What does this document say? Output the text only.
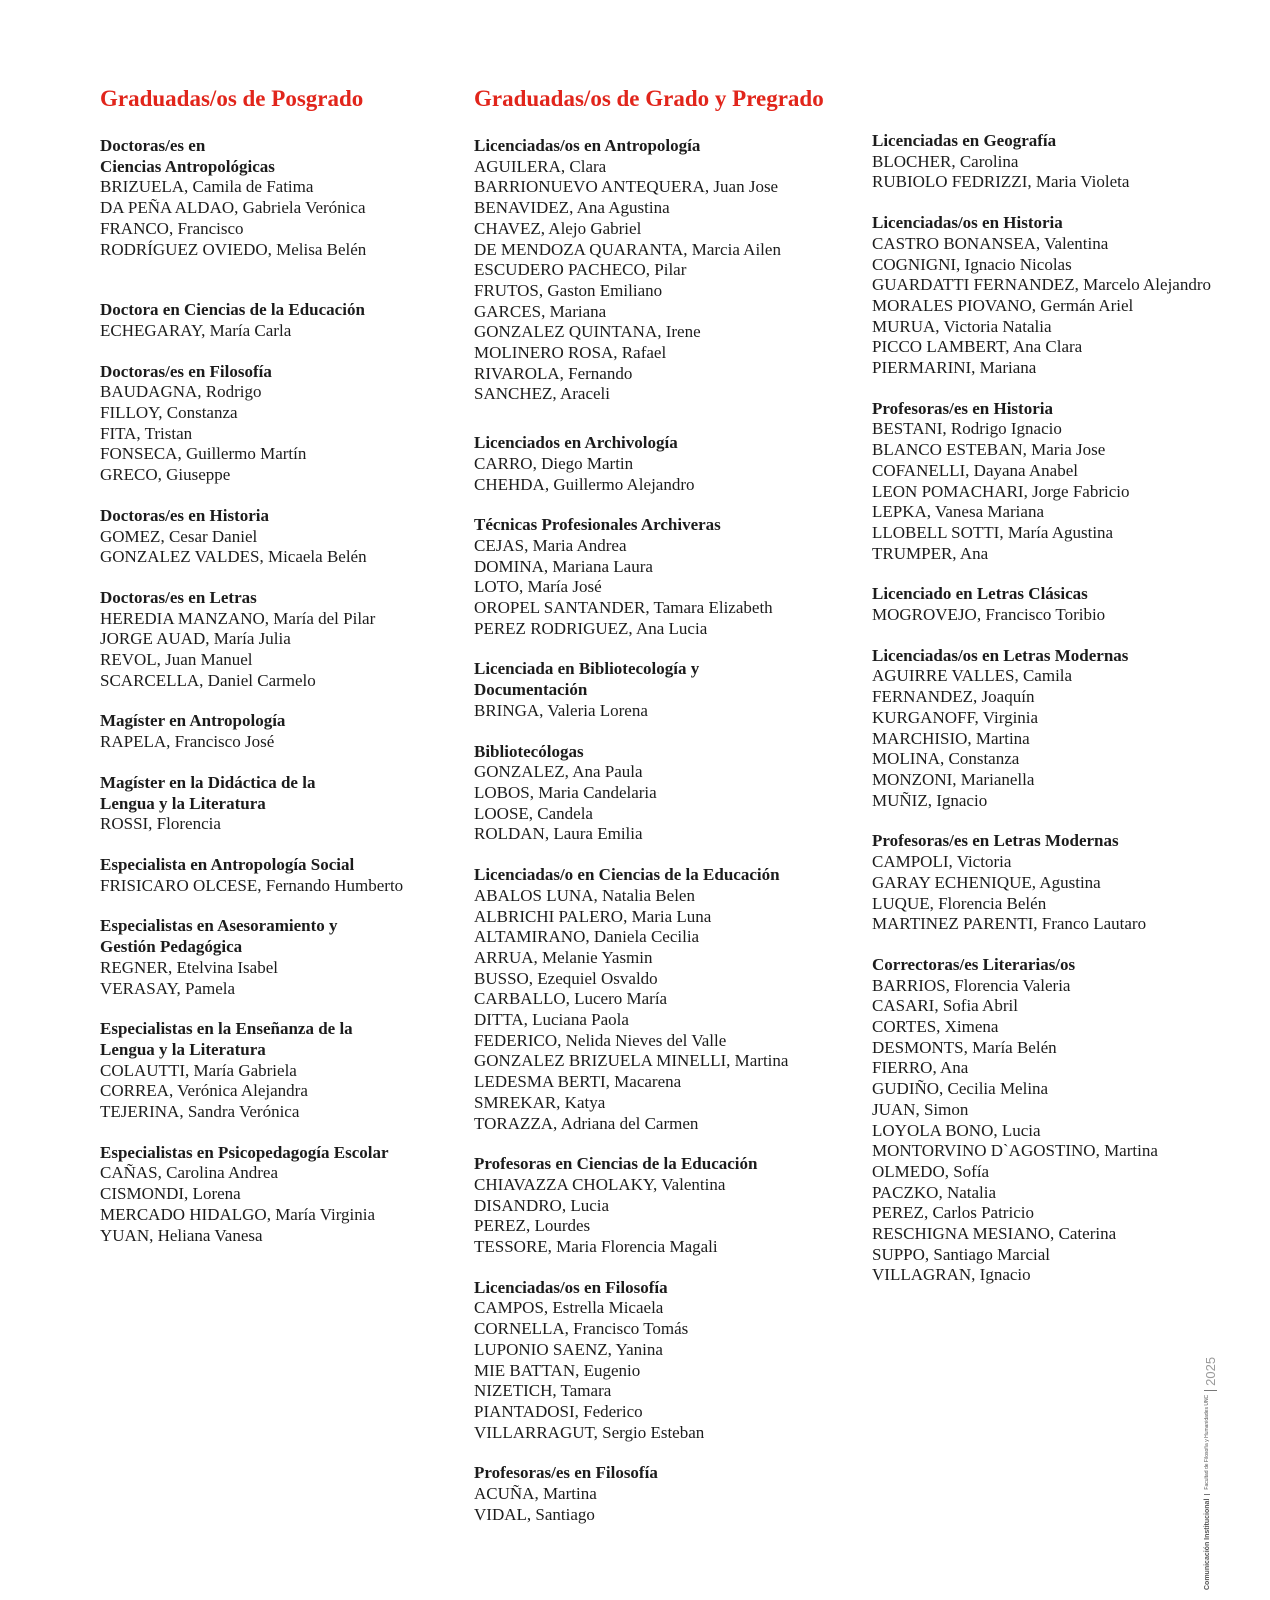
Graduadas/os de Posgrado
Doctoras/es en
Ciencias Antropológicas
BRIZUELA, Camila de Fatima
DA PEÑA ALDAO, Gabriela Verónica
FRANCO, Francisco
RODRÍGUEZ OVIEDO, Melisa Belén
Doctora en Ciencias de la Educación
ECHEGARAY, María Carla
Doctoras/es en Filosofía
BAUDAGNA, Rodrigo
FILLOY, Constanza
FITA, Tristan
FONSECA, Guillermo Martín
GRECO, Giuseppe
Doctoras/es en Historia
GOMEZ, Cesar Daniel
GONZALEZ VALDES, Micaela Belén
Doctoras/es en Letras
HEREDIA MANZANO, María del Pilar
JORGE AUAD, María Julia
REVOL, Juan Manuel
SCARCELLA, Daniel Carmelo
Magíster en Antropología
RAPELA, Francisco José
Magíster en la Didáctica de la
Lengua y la Literatura
ROSSI, Florencia
Especialista en Antropología Social
FRISICARO OLCESE, Fernando Humberto
Especialistas en Asesoramiento y
Gestión Pedagógica
REGNER, Etelvina Isabel
VERASAY, Pamela
Especialistas en la Enseñanza de la
Lengua y la Literatura
COLAUTTI, María Gabriela
CORREA, Verónica Alejandra
TEJERINA, Sandra Verónica
Especialistas en Psicopedagogía Escolar
CAÑAS, Carolina Andrea
CISMONDI, Lorena
MERCADO HIDALGO, María Virginia
YUAN, Heliana Vanesa
Graduadas/os de Grado y Pregrado
Licenciadas/os en Antropología
AGUILERA, Clara
BARRIONUEVO ANTEQUERA, Juan Jose
BENAVIDEZ, Ana Agustina
CHAVEZ, Alejo Gabriel
DE MENDOZA QUARANTA, Marcia Ailen
ESCUDERO PACHECO, Pilar
FRUTOS, Gaston Emiliano
GARCES, Mariana
GONZALEZ QUINTANA, Irene
MOLINERO ROSA, Rafael
RIVAROLA, Fernando
SANCHEZ, Araceli
Licenciados en Archivología
CARRO, Diego Martin
CHEHDA, Guillermo Alejandro
Técnicas Profesionales Archiveras
CEJAS, Maria Andrea
DOMINA, Mariana Laura
LOTO, María José
OROPEL SANTANDER, Tamara Elizabeth
PEREZ RODRIGUEZ, Ana Lucia
Licenciada en Bibliotecología y
Documentación
BRINGA, Valeria Lorena
Bibliotecólogas
GONZALEZ, Ana Paula
LOBOS, Maria Candelaria
LOOSE, Candela
ROLDAN, Laura Emilia
Licenciadas/o en Ciencias de la Educación
ABALOS LUNA, Natalia Belen
ALBRICHI PALERO, Maria Luna
ALTAMIRANO, Daniela Cecilia
ARRUA, Melanie Yasmin
BUSSO, Ezequiel Osvaldo
CARBALLO, Lucero María
DITTA, Luciana Paola
FEDERICO, Nelida Nieves del Valle
GONZALEZ BRIZUELA MINELLI, Martina
LEDESMA BERTI, Macarena
SMREKAR, Katya
TORAZZA, Adriana del Carmen
Profesoras en Ciencias de la Educación
CHIAVAZZA CHOLAKY, Valentina
DISANDRO, Lucia
PEREZ, Lourdes
TESSORE, Maria Florencia Magali
Licenciadas/os en Filosofía
CAMPOS, Estrella Micaela
CORNELLA, Francisco Tomás
LUPONIO SAENZ, Yanina
MIE BATTAN, Eugenio
NIZETICH, Tamara
PIANTADOSI, Federico
VILLARRAGUT, Sergio Esteban
Profesoras/es en Filosofía
ACUÑA, Martina
VIDAL, Santiago
Licenciadas en Geografía
BLOCHER, Carolina
RUBIOLO FEDRIZZI, Maria Violeta
Licenciadas/os en Historia
CASTRO BONANSEA, Valentina
COGNIGNI, Ignacio Nicolas
GUARDATTI FERNANDEZ, Marcelo Alejandro
MORALES PIOVANO, Germán Ariel
MURUA, Victoria Natalia
PICCO LAMBERT, Ana Clara
PIERMARINI, Mariana
Profesoras/es en Historia
BESTANI, Rodrigo Ignacio
BLANCO ESTEBAN, Maria Jose
COFANELLI, Dayana Anabel
LEON POMACHARI, Jorge Fabricio
LEPKA, Vanesa Mariana
LLOBELL SOTTI, María Agustina
TRUMPER, Ana
Licenciado en Letras Clásicas
MOGROVEJO, Francisco Toribio
Licenciadas/os en Letras Modernas
AGUIRRE VALLES, Camila
FERNANDEZ, Joaquín
KURGANOFF, Virginia
MARCHISIO, Martina
MOLINA, Constanza
MONZONI, Marianella
MUÑIZ, Ignacio
Profesoras/es en Letras Modernas
CAMPOLI, Victoria
GARAY ECHENIQUE, Agustina
LUQUE, Florencia Belén
MARTINEZ PARENTI, Franco Lautaro
Correctoras/es Literarias/os
BARRIOS, Florencia Valeria
CASARI, Sofia Abril
CORTES, Ximena
DESMONTS, María Belén
FIERRO, Ana
GUDIÑO, Cecilia Melina
JUAN, Simon
LOYOLA BONO, Lucia
MONTORVINO D`AGOSTINO, Martina
OLMEDO, Sofía
PACZKO, Natalia
PEREZ, Carlos Patricio
RESCHIGNA MESIANO, Caterina
SUPPO, Santiago Marcial
VILLAGRAN, Ignacio
Comunicación Institucional
Facultad de Filosofía y Humanidades UNC
2025
